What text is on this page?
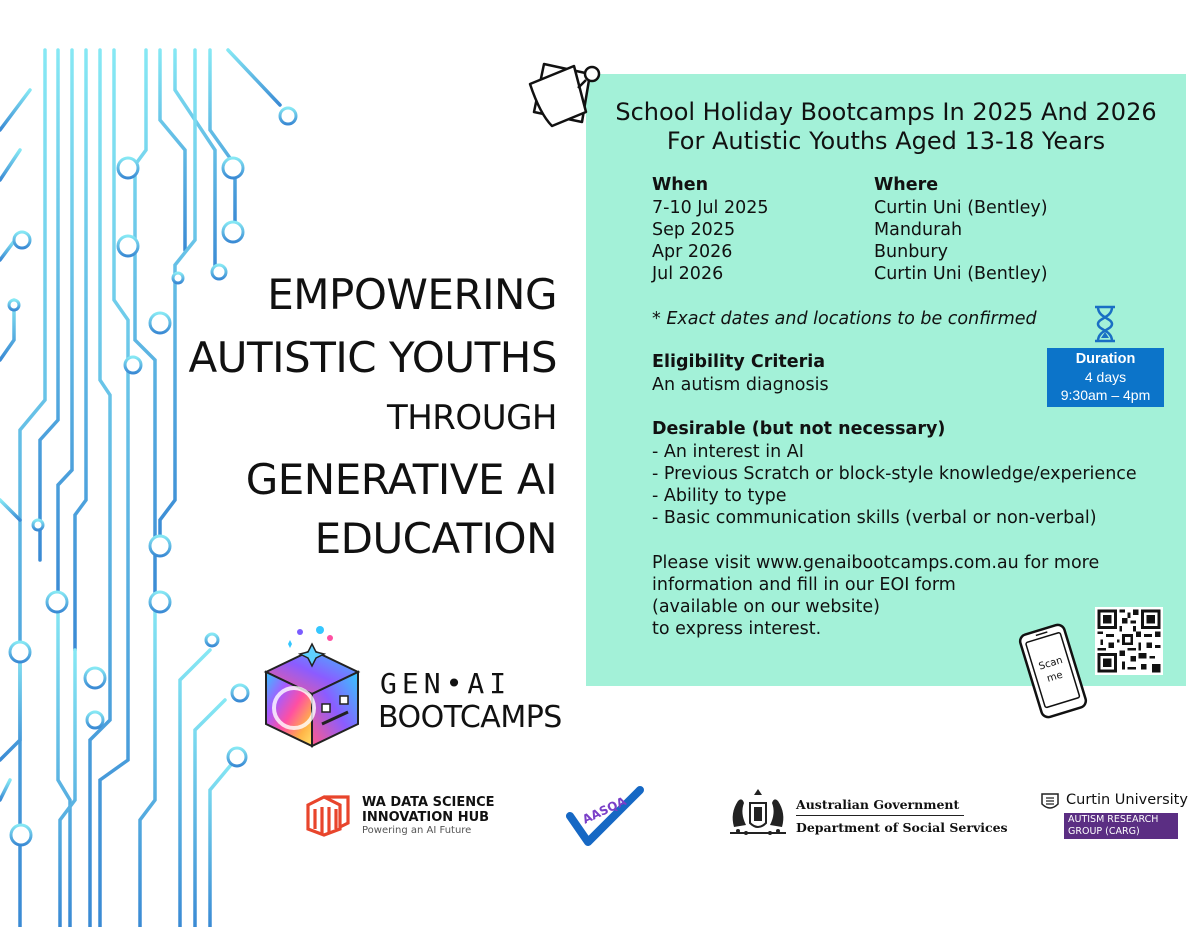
EMPOWERING
AUTISTIC YOUTHS
THROUGH
GENERATIVE AI
EDUCATION
School Holiday Bootcamps In 2025 And 2026
For Autistic Youths Aged 13-18 Years
When	Where
7-10 Jul 2025	Curtin Uni (Bentley)
Sep 2025	Mandurah
Apr 2026	Bunbury
Jul 2026	Curtin Uni (Bentley)
* Exact dates and locations to be confirmed
Eligibility Criteria
An autism diagnosis
Duration
4 days
9:30am – 4pm
Desirable (but not necessary)
- An interest in AI
- Previous Scratch or block-style knowledge/experience
- Ability to type
- Basic communication skills (verbal or non-verbal)
Please visit www.genaibootcamps.com.au for more
information and fill in our EOI form
(available on our website)
to express interest.
Scan
me
GEN•AI
BOOTCAMPS
WA DATA SCIENCE
INNOVATION HUB
Powering an AI Future
AASQA	Australian Government
Department of Social Services
Curtin University
AUTISM RESEARCH
GROUP (CARG)
